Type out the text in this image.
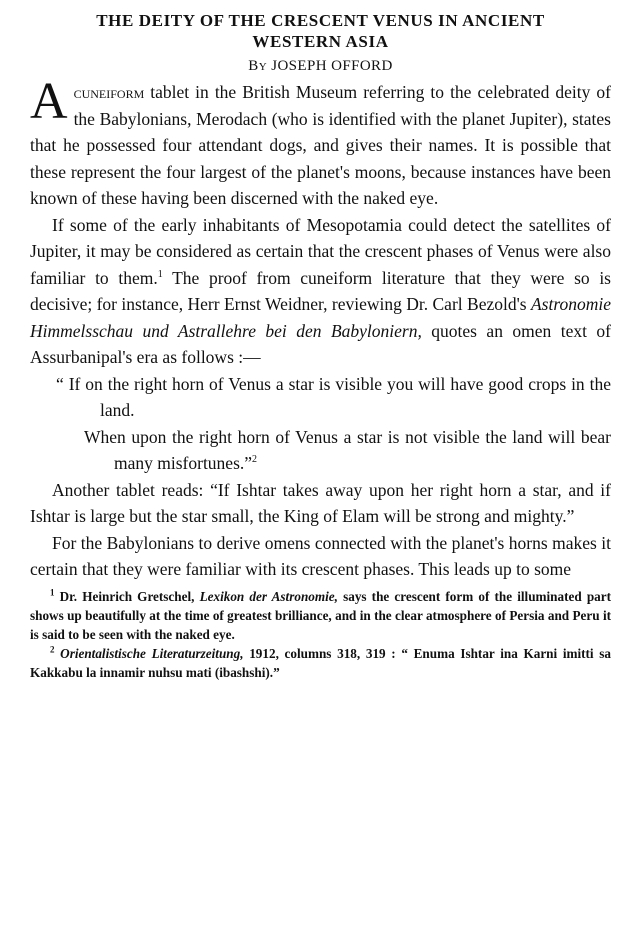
THE DEITY OF THE CRESCENT VENUS IN ANCIENT
WESTERN ASIA
By JOSEPH OFFORD

Acuneiform tablet in the British Museum referring to the celebrated deity of the Babylonians, Merodach (who is identified with the planet Jupiter), states that he possessed four attendant dogs, and gives their names. It is possible that these represent the four largest of the planet's moons, because instances have been known of these having been discerned with the naked eye.

If some of the early inhabitants of Mesopotamia could detect the satellites of Jupiter, it may be considered as certain that the crescent phases of Venus were also familiar to them.$^1$ The proof from cuneiform literature that they were so is decisive; for instance, Herr Ernst Weidner, reviewing Dr. Carl Bezold's Astronomie Himmelsschau und Astrallehre bei den Babyloniern, quotes an omen text of Assurbanipal's era as follows :—

“ If on the right horn of Venus a star is visible you will have good crops in the land.

When upon the right horn of Venus a star is not visible the land will bear many misfortunes.”$^2$

Another tablet reads: “If Ishtar takes away upon her right horn a star, and if Ishtar is large but the star small, the King of Elam will be strong and mighty.”

For the Babylonians to derive omens connected with the planet's horns makes it certain that they were familiar with its crescent phases. This leads up to some

$^1$ Dr. Heinrich Gretschel, Lexikon der Astronomie, says the crescent form of the illuminated part shows up beautifully at the time of greatest brilliance, and in the clear atmosphere of Persia and Peru it is said to be seen with the naked eye.

$^2$ Orientalistische Literaturzeitung, 1912, columns 318, 319 : “ Enuma Ishtar ina Karni imitti sa Kakkabu la innamir nuhsu mati (ibashshi).”
